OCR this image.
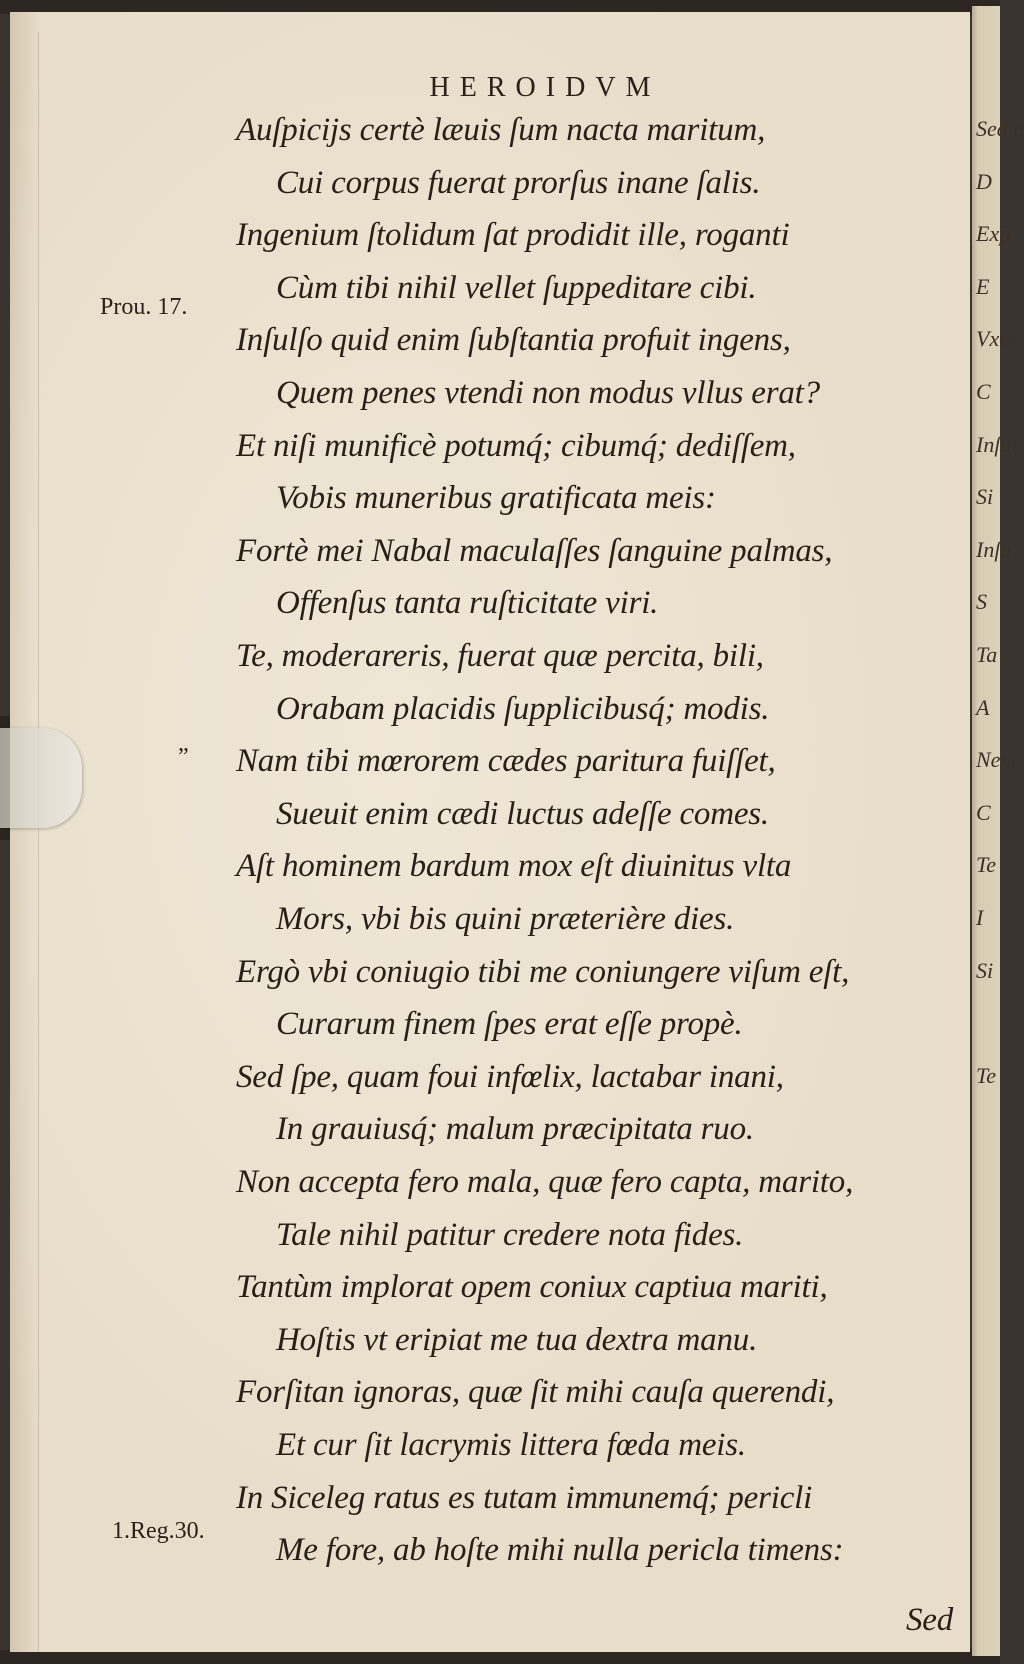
Sed a
D
Exp
E
Vxor
C
Inſul
Si
Inſu
S
Ta
A
Nem
C
Te
I
Si
Te
HEROIDVM
Prou. 17.
”
1.Reg.30.
Auſpicijs certè læuis ſum nacta maritum,
Cui corpus fuerat prorſus inane ſalis.
Ingenium ſtolidum ſat prodidit ille, roganti
Cùm tibi nihil vellet ſuppeditare cibi.
Inſulſo quid enim ſubſtantia profuit ingens,
Quem penes vtendi non modus vllus erat?
Et niſi munificè potumq́; cibumq́; dediſſem,
Vobis muneribus gratificata meis:
Fortè mei Nabal maculaſſes ſanguine palmas,
Offenſus tanta ruſticitate viri.
Te, moderareris, fuerat quæ percita, bili,
Orabam placidis ſupplicibusq́; modis.
Nam tibi mœrorem cædes paritura fuiſſet,
Sueuit enim cædi luctus adeſſe comes.
Aſt hominem bardum mox eſt diuinitus vlta
Mors, vbi bis quini præterière dies.
Ergò vbi coniugio tibi me coniungere viſum eſt,
Curarum finem ſpes erat eſſe propè.
Sed ſpe, quam foui infœlix, lactabar inani,
In grauiusq́; malum præcipitata ruo.
Non accepta fero mala, quæ fero capta, marito,
Tale nihil patitur credere nota fides.
Tantùm implorat opem coniux captiua mariti,
Hoſtis vt eripiat me tua dextra manu.
Forſitan ignoras, quæ ſit mihi cauſa querendi,
Et cur ſit lacrymis littera fœda meis.
In Siceleg ratus es tutam immunemq́; pericli
Me fore, ab hoſte mihi nulla pericla timens:
Sed
